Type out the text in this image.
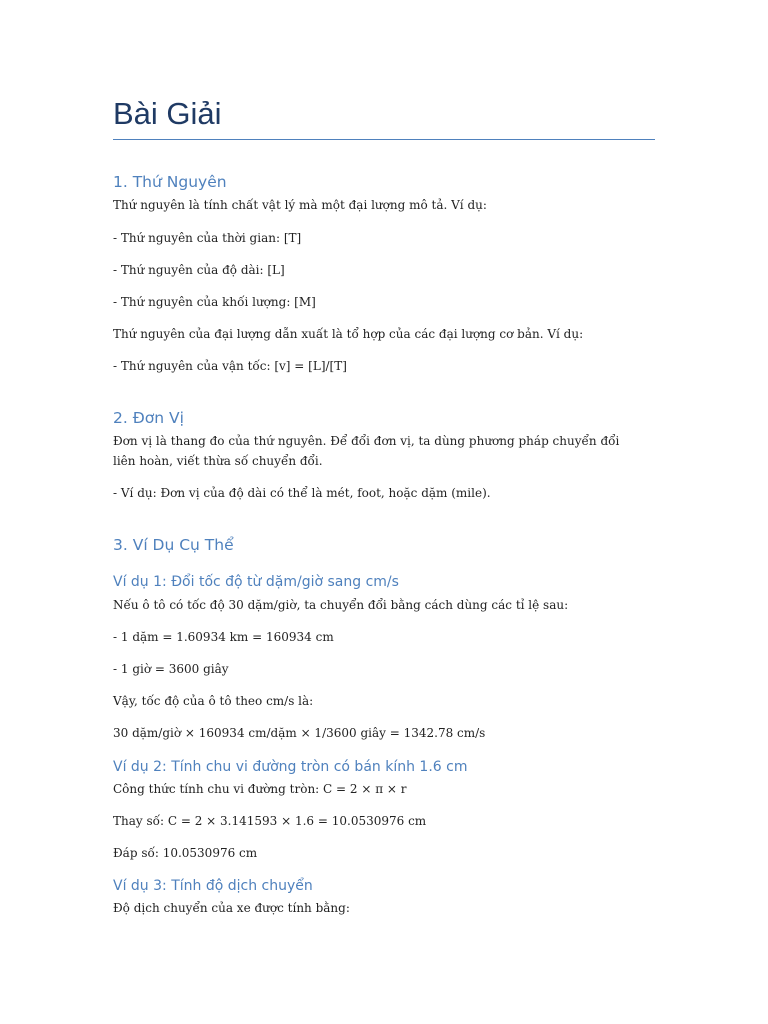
Bài Giải
1. Thứ Nguyên

Thứ nguyên là tính chất vật lý mà một đại lượng mô tả. Ví dụ:

- Thứ nguyên của thời gian: [T]

- Thứ nguyên của độ dài: [L]

- Thứ nguyên của khối lượng: [M]

Thứ nguyên của đại lượng dẫn xuất là tổ hợp của các đại lượng cơ bản. Ví dụ:

- Thứ nguyên của vận tốc: [v] = [L]/[T]

2. Đơn Vị

Đơn vị là thang đo của thứ nguyên. Để đổi đơn vị, ta dùng phương pháp chuyển đổi liên hoàn, viết thừa số chuyển đổi.

- Ví dụ: Đơn vị của độ dài có thể là mét, foot, hoặc dặm (mile).

3. Ví Dụ Cụ Thể
Ví dụ 1: Đổi tốc độ từ dặm/giờ sang cm/s

Nếu ô tô có tốc độ 30 dặm/giờ, ta chuyển đổi bằng cách dùng các tỉ lệ sau:

- 1 dặm = 1.60934 km = 160934 cm

- 1 giờ = 3600 giây

Vậy, tốc độ của ô tô theo cm/s là:

30 dặm/giờ × 160934 cm/dặm × 1/3600 giây = 1342.78 cm/s

Ví dụ 2: Tính chu vi đường tròn có bán kính 1.6 cm

Công thức tính chu vi đường tròn: C = 2 × π × r

Thay số: C = 2 × 3.141593 × 1.6 = 10.0530976 cm

Đáp số: 10.0530976 cm

Ví dụ 3: Tính độ dịch chuyển

Độ dịch chuyển của xe được tính bằng:
